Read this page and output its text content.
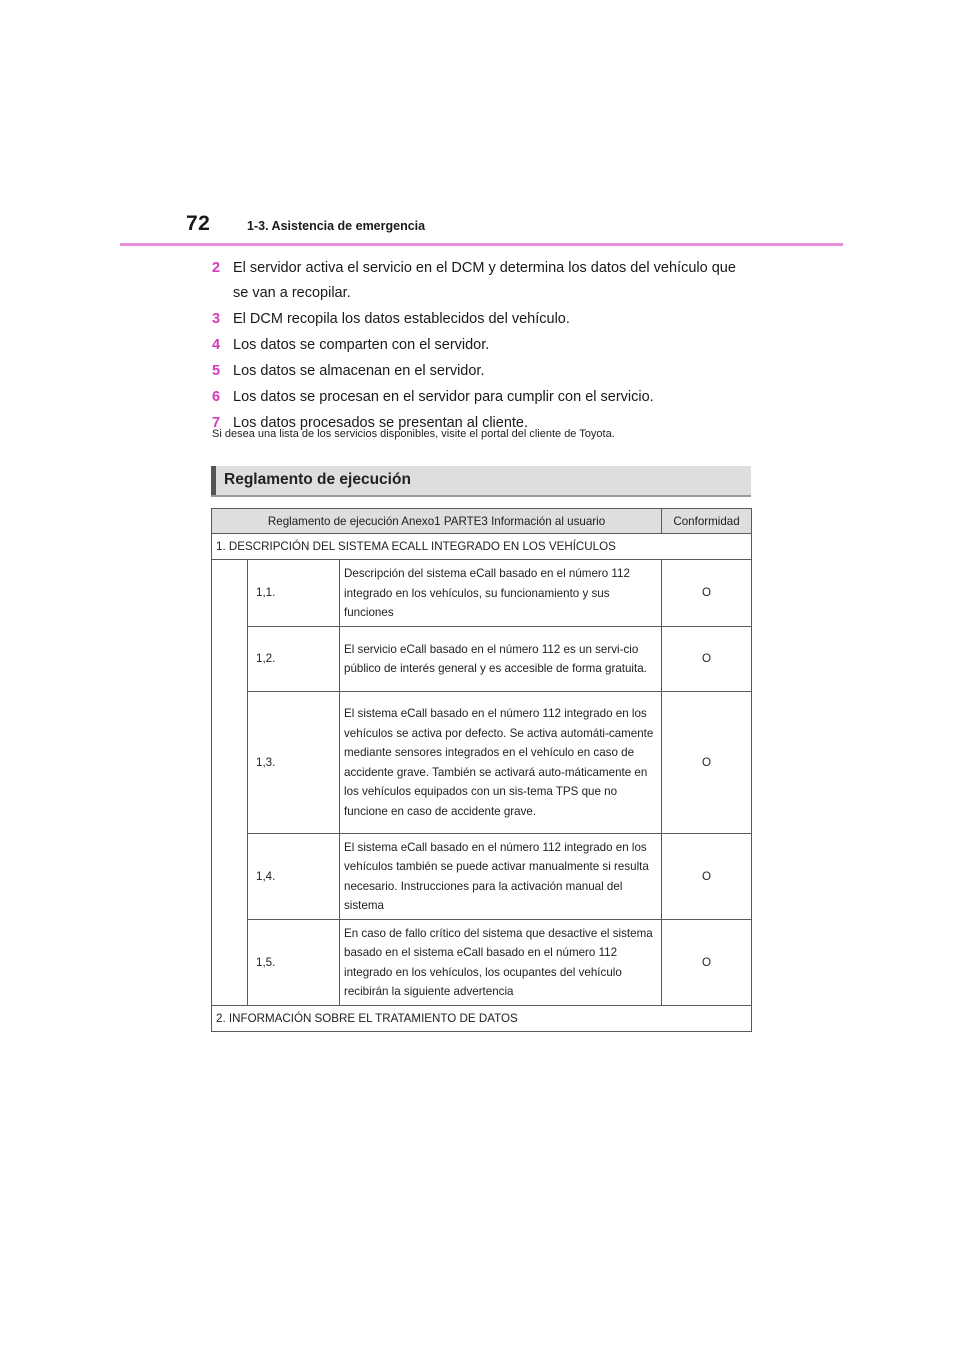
72	1-3. Asistencia de emergencia
2 El servidor activa el servicio en el DCM y determina los datos del vehículo que se van a recopilar.
3 El DCM recopila los datos establecidos del vehículo.
4 Los datos se comparten con el servidor.
5 Los datos se almacenan en el servidor.
6 Los datos se procesan en el servidor para cumplir con el servicio.
7 Los datos procesados se presentan al cliente.
Si desea una lista de los servicios disponibles, visite el portal del cliente de Toyota.
Reglamento de ejecución
Reglamento de ejecución Anexo1 PARTE3 Información al usuario			Conformidad
1. DESCRIPCIÓN DEL SISTEMA ECALL INTEGRADO EN LOS VEHÍCULOS			
	1,1.	Descripción del sistema eCall basado en el número 112 integrado en los vehículos, su funcionamiento y sus funciones	O
	1,2.	El servicio eCall basado en el número 112 es un servi-cio público de interés general y es accesible de forma gratuita.	O
	1,3.	El sistema eCall basado en el número 112 integrado en los vehículos se activa por defecto. Se activa automáti-camente mediante sensores integrados en el vehículo en caso de accidente grave. También se activará auto-máticamente en los vehículos equipados con un sis-tema TPS que no funcione en caso de accidente grave.	O
	1,4.	El sistema eCall basado en el número 112 integrado en los vehículos también se puede activar manualmente si resulta necesario. Instrucciones para la activación manual del sistema	O
	1,5.	En caso de fallo crítico del sistema que desactive el sistema basado en el sistema eCall basado en el número 112 integrado en los vehículos, los ocupantes del vehículo recibirán la siguiente advertencia	O
2. INFORMACIÓN SOBRE EL TRATAMIENTO DE DATOS			
